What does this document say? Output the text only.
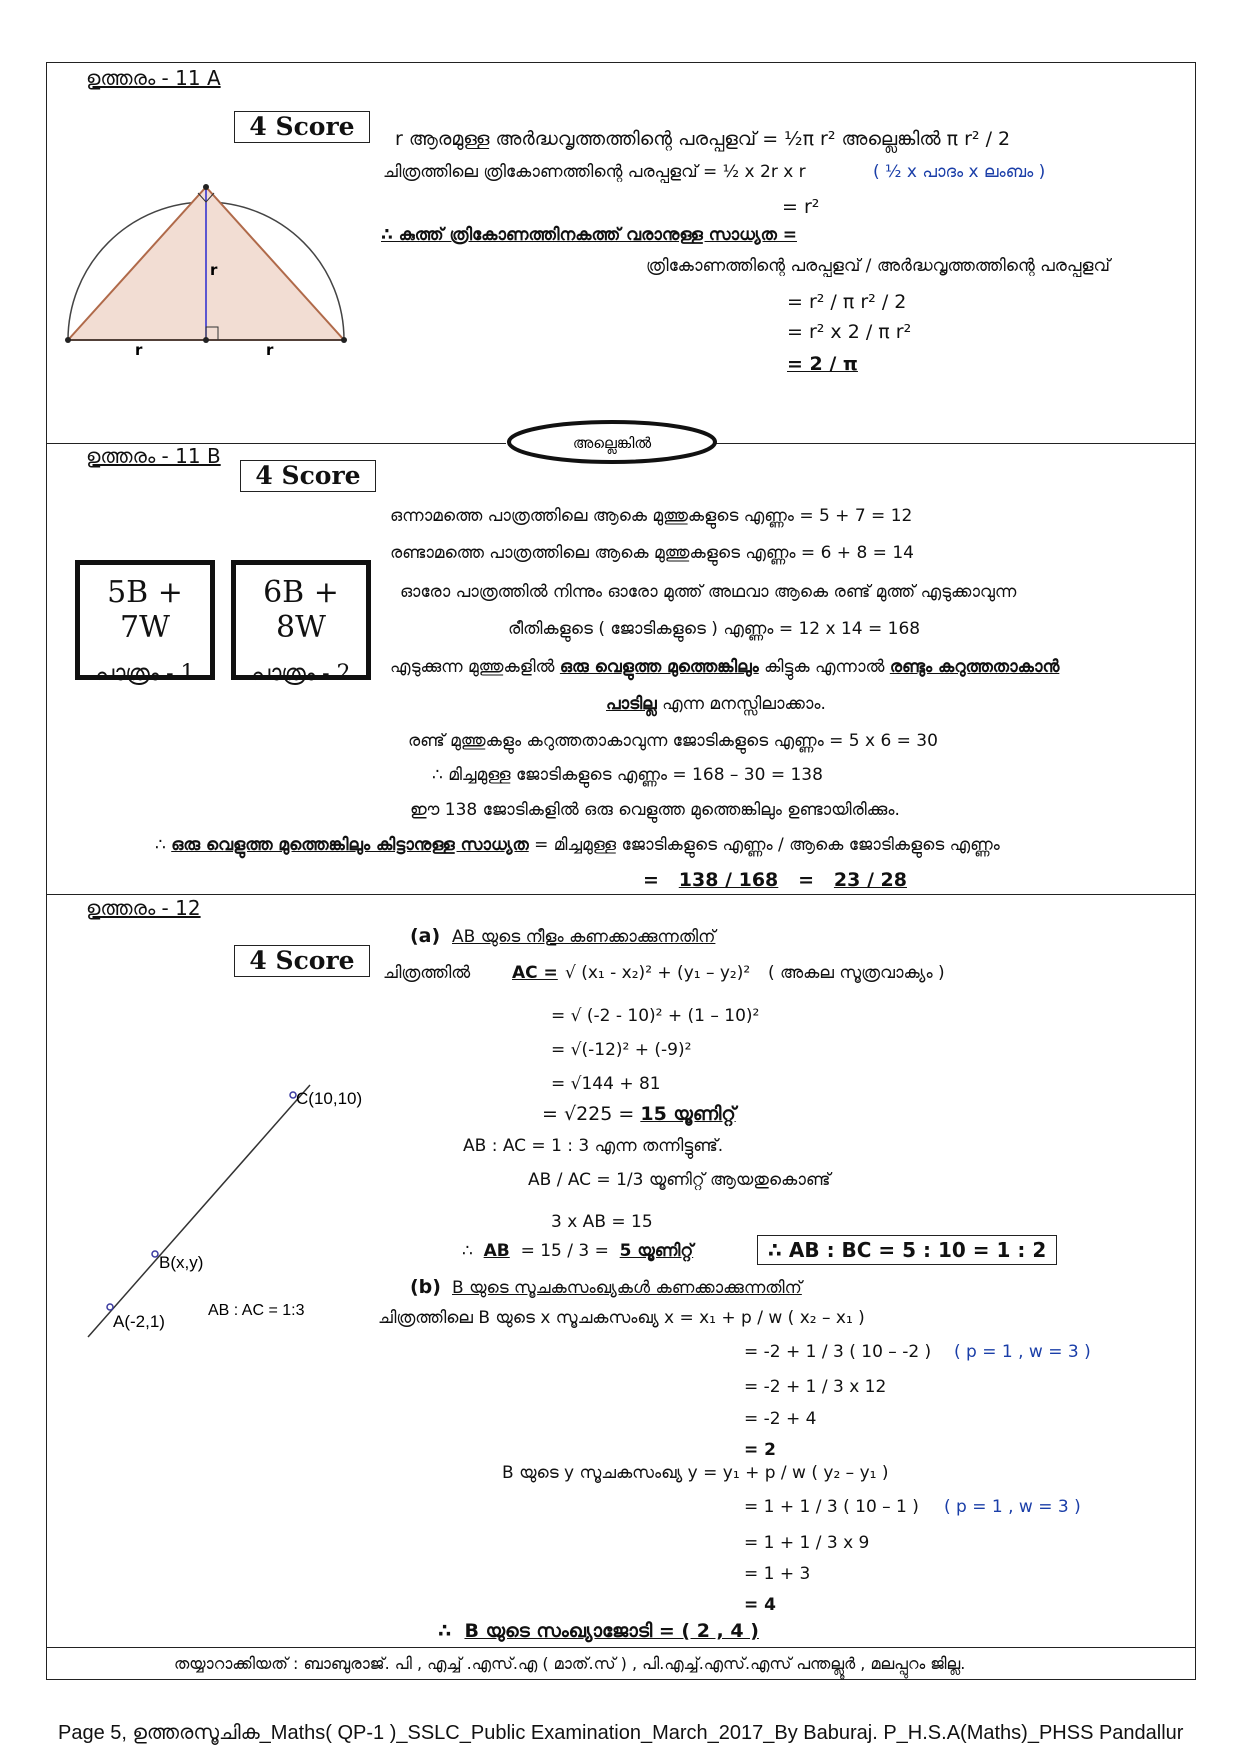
ഉത്തരം - 11 A
4 Score
r
r	r
r ആരമുള്ള അർദ്ധവൃത്തത്തിന്റെ പരപ്പളവ് = ½π r² അല്ലെങ്കിൽ π r² / 2
ചിത്രത്തിലെ ത്രികോണത്തിന്റെ പരപ്പളവ് = ½ x 2r x r	( ½ x പാദം x ലംബം )
= r²
∴ കുത്ത് ത്രികോണത്തിനകത്ത് വരാനുള്ള സാധ്യത =
ത്രികോണത്തിന്റെ പരപ്പളവ് / അർദ്ധവൃത്തത്തിന്റെ പരപ്പളവ്
= r² / π r² / 2
= r² x 2 / π r²
= 2 / π
അല്ലെങ്കിൽ
ഉത്തരം - 11 B
4 Score
5B + 7W
പാത്രം - 1
6B + 8W
പാത്രം - 2
ഒന്നാമത്തെ പാത്രത്തിലെ ആകെ മുത്തുകളുടെ എണ്ണം = 5 + 7 = 12
രണ്ടാമത്തെ പാത്രത്തിലെ ആകെ മുത്തുകളുടെ എണ്ണം = 6 + 8 = 14
ഓരോ പാത്രത്തിൽ നിന്നും ഓരോ മുത്ത് അഥവാ ആകെ രണ്ട് മുത്ത് എടുക്കാവുന്ന
രീതികളുടെ ( ജോടികളുടെ ) എണ്ണം = 12 x 14 = 168
എടുക്കുന്ന മുത്തുകളിൽ ഒരു വെളുത്ത മുത്തെങ്കിലും കിട്ടുക എന്നാൽ രണ്ടും കറുത്തതാകാൻ
പാടില്ല എന്ന മനസ്സിലാക്കാം.
രണ്ട് മുത്തുകളും കറുത്തതാകാവുന്ന ജോടികളുടെ എണ്ണം = 5 x 6 = 30
∴ മിച്ചമുള്ള ജോടികളുടെ എണ്ണം = 168 – 30 = 138
ഈ 138 ജോടികളിൽ ഒരു വെളുത്ത മുത്തെങ്കിലും ഉണ്ടായിരിക്കും.
∴ ഒരു വെളുത്ത മുത്തെങ്കിലും കിട്ടാനുള്ള സാധ്യത = മിച്ചമുള്ള ജോടികളുടെ എണ്ണം / ആകെ ജോടികളുടെ എണ്ണം
= 138 / 168 = 23 / 28
ഉത്തരം - 12
4 Score
C(10,10)
B(x,y)
A(-2,1)
AB : AC = 1:3
(a) AB യുടെ നീളം കണക്കാക്കുന്നതിന്
ചിത്രത്തിൽ AC = √ (x₁ - x₂)² + (y₁ – y₂)² ( അകല സൂത്രവാക്യം )
= √ (-2 - 10)² + (1 – 10)²
= √(-12)² + (-9)²
= √144 + 81
= √225 = 15 യൂണിറ്റ്
AB : AC = 1 : 3 എന്ന തന്നിട്ടുണ്ട്.
AB / AC = 1/3 യൂണിറ്റ് ആയതുകൊണ്ട്
3 x AB = 15
∴ AB = 15 / 3 = 5 യൂണിറ്റ്	∴ AB : BC = 5 : 10 = 1 : 2
(b) B യുടെ സൂചകസംഖ്യകൾ കണക്കാക്കുന്നതിന്
ചിത്രത്തിലെ B യുടെ x സൂചകസംഖ്യ x = x₁ + p / w ( x₂ – x₁ )
= -2 + 1 / 3 ( 10 – -2 ) ( p = 1 , w = 3 )
= -2 + 1 / 3 x 12
= -2 + 4
= 2
B യുടെ y സൂചകസംഖ്യ y = y₁ + p / w ( y₂ – y₁ )
= 1 + 1 / 3 ( 10 – 1 ) ( p = 1 , w = 3 )
= 1 + 1 / 3 x 9
= 1 + 3
= 4
∴ B യുടെ സംഖ്യാജോടി = ( 2 , 4 )
തയ്യാറാക്കിയത് : ബാബുരാജ്. പി , എച്ച് .എസ്.എ ( മാത്.സ് ) , പി.എച്ച്.എസ്.എസ് പന്തല്ലൂർ , മലപ്പുറം ജില്ല.
Page 5, ഉത്തരസൂചിക_Maths( QP-1 )_SSLC_Public Examination_March_2017_By Baburaj. P_H.S.A(Maths)_PHSS Pandallur
